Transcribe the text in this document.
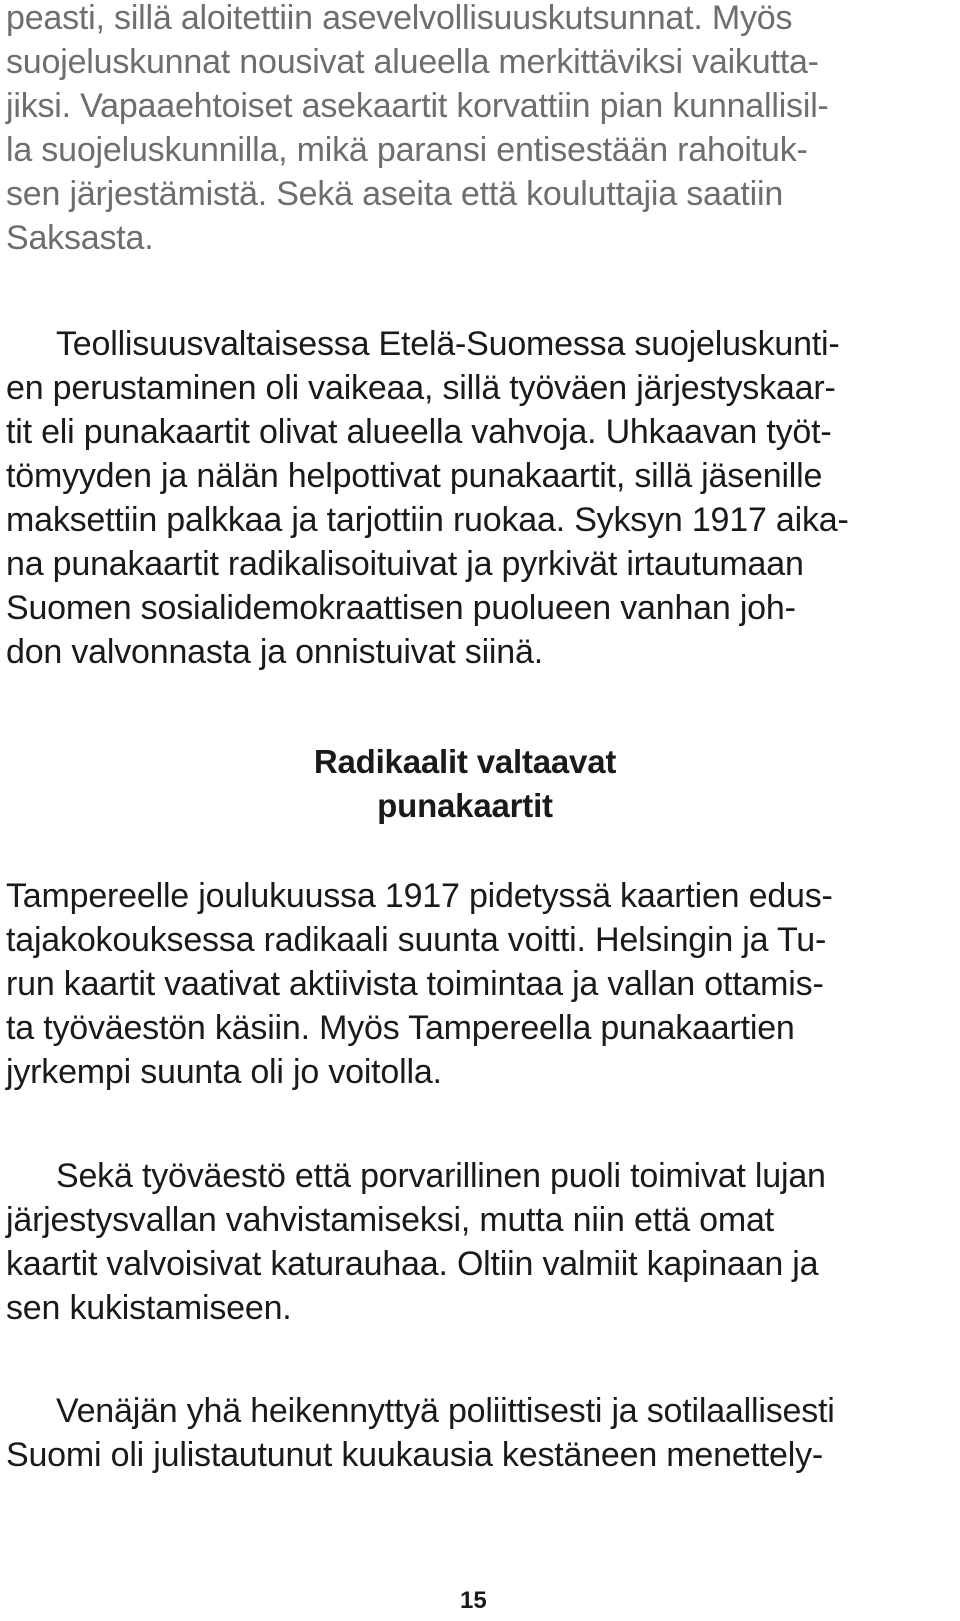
peasti, sillä aloitettiin asevelvollisuuskutsunnat. Myös
suojeluskunnat nousivat alueella merkittäviksi vaikutta-
jiksi. Vapaaehtoiset asekaartit korvattiin pian kunnallisil-
la suojeluskunnilla, mikä paransi entisestään rahoituk-
sen järjestämistä. Sekä aseita että kouluttajia saatiin
Saksasta.
Teollisuusvaltaisessa Etelä-Suomessa suojeluskunti-
en perustaminen oli vaikeaa, sillä työväen järjestyskaar-
tit eli punakaartit olivat alueella vahvoja. Uhkaavan työt-
tömyyden ja nälän helpottivat punakaartit, sillä jäsenille
maksettiin palkkaa ja tarjottiin ruokaa. Syksyn 1917 aika-
na punakaartit radikalisoituivat ja pyrkivät irtautumaan
Suomen sosialidemokraattisen puolueen vanhan joh-
don valvonnasta ja onnistuivat siinä.
Radikaalit valtaavat
punakaartit
Tampereelle joulukuussa 1917 pidetyssä kaartien edus-
tajakokouksessa radikaali suunta voitti. Helsingin ja Tu-
run kaartit vaativat aktiivista toimintaa ja vallan ottamis-
ta työväestön käsiin. Myös Tampereella punakaartien
jyrkempi suunta oli jo voitolla.
Sekä työväestö että porvarillinen puoli toimivat lujan
järjestysvallan vahvistamiseksi, mutta niin että omat
kaartit valvoisivat katurauhaa. Oltiin valmiit kapinaan ja
sen kukistamiseen.
Venäjän yhä heikennyttyä poliittisesti ja sotilaallisesti
Suomi oli julistautunut kuukausia kestäneen menettely-
15
